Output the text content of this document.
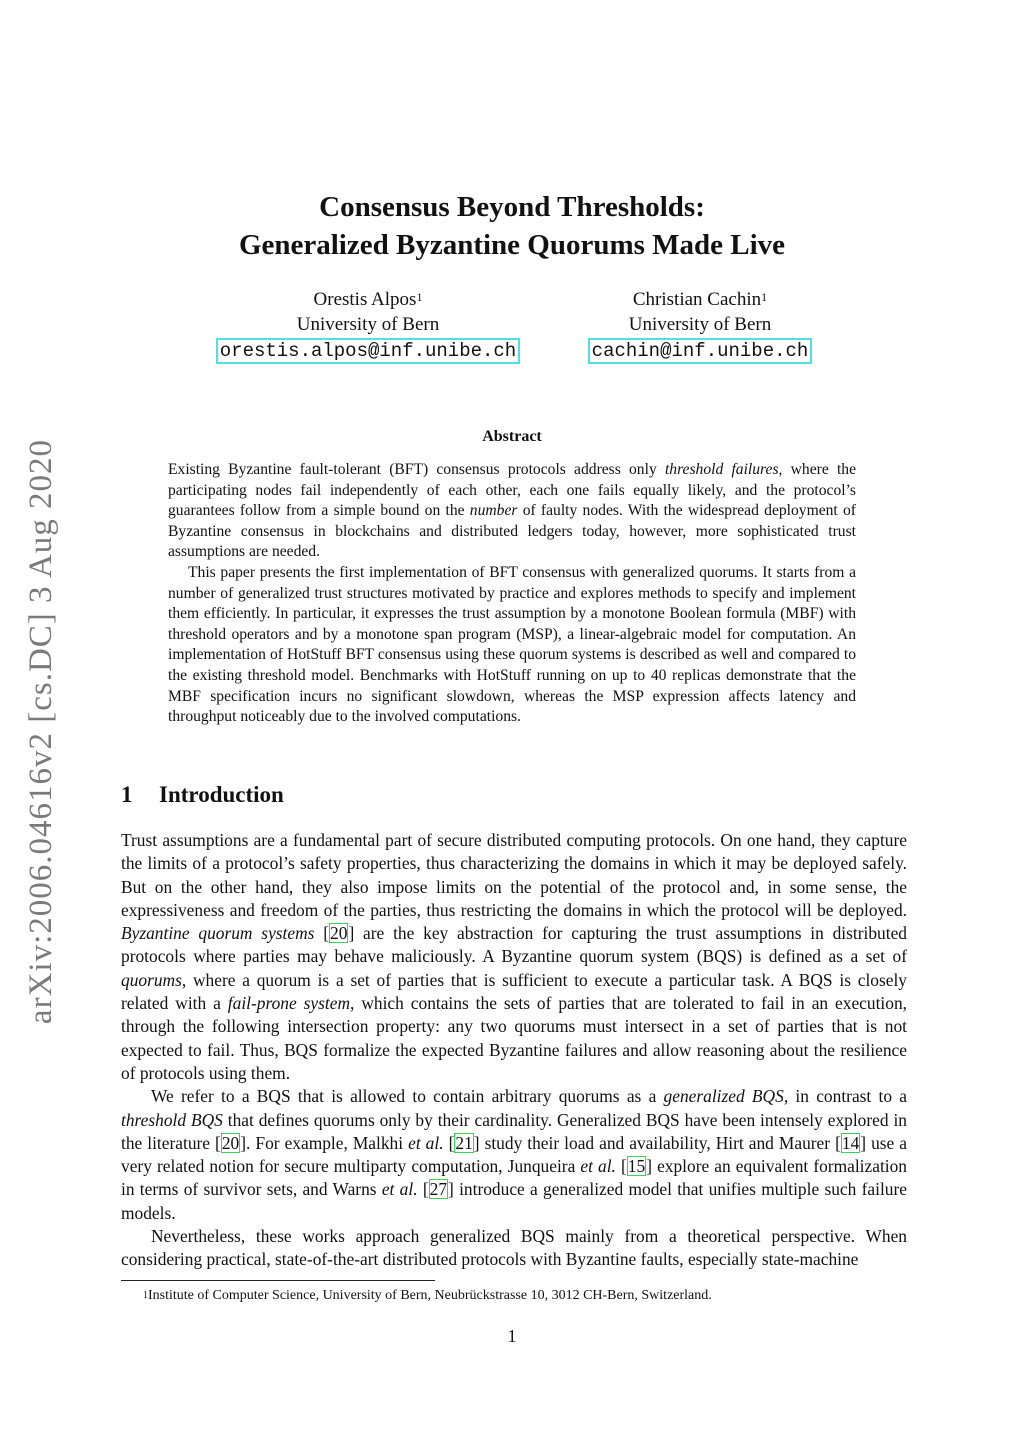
arXiv:2006.04616v2 [cs.DC] 3 Aug 2020
Consensus Beyond Thresholds:
Generalized Byzantine Quorums Made Live
Orestis Alpos$^1$
University of Bern
orestis.alpos@inf.unibe.ch
Christian Cachin$^1$
University of Bern
cachin@inf.unibe.ch
Abstract

Existing Byzantine fault-tolerant (BFT) consensus protocols address only threshold failures, where the participating nodes fail independently of each other, each one fails equally likely, and the protocol’s guarantees follow from a simple bound on the number of faulty nodes. With the widespread deployment of Byzantine consensus in blockchains and distributed ledgers today, however, more sophisticated trust assumptions are needed.

This paper presents the first implementation of BFT consensus with generalized quorums. It starts from a number of generalized trust structures motivated by practice and explores methods to specify and implement them efficiently. In particular, it expresses the trust assumption by a monotone Boolean formula (MBF) with threshold operators and by a monotone span program (MSP), a linear-algebraic model for computation. An implementation of HotStuff BFT consensus using these quorum systems is described as well and compared to the existing threshold model. Benchmarks with HotStuff running on up to 40 replicas demonstrate that the MBF specification incurs no significant slowdown, whereas the MSP expression affects latency and throughput noticeably due to the involved computations.

1 Introduction

Trust assumptions are a fundamental part of secure distributed computing protocols. On one hand, they capture the limits of a protocol’s safety properties, thus characterizing the domains in which it may be deployed safely. But on the other hand, they also impose limits on the potential of the protocol and, in some sense, the expressiveness and freedom of the parties, thus restricting the domains in which the protocol will be deployed. Byzantine quorum systems [20] are the key abstraction for capturing the trust assumptions in distributed protocols where parties may behave maliciously. A Byzantine quorum system (BQS) is defined as a set of quorums, where a quorum is a set of parties that is sufficient to execute a particular task. A BQS is closely related with a fail-prone system, which contains the sets of parties that are tolerated to fail in an execution, through the following intersection property: any two quorums must intersect in a set of parties that is not expected to fail. Thus, BQS formalize the expected Byzantine failures and allow reasoning about the resilience of protocols using them.

We refer to a BQS that is allowed to contain arbitrary quorums as a generalized BQS, in contrast to a threshold BQS that defines quorums only by their cardinality. Generalized BQS have been intensely explored in the literature [20]. For example, Malkhi et al. [21] study their load and availability, Hirt and Maurer [14] use a very related notion for secure multiparty computation, Junqueira et al. [15] explore an equivalent formalization in terms of survivor sets, and Warns et al. [27] introduce a generalized model that unifies multiple such failure models.

Nevertheless, these works approach generalized BQS mainly from a theoretical perspective. When considering practical, state-of-the-art distributed protocols with Byzantine faults, especially state-machine

$^1$Institute of Computer Science, University of Bern, Neubrückstrasse 10, 3012 CH-Bern, Switzerland.
1
